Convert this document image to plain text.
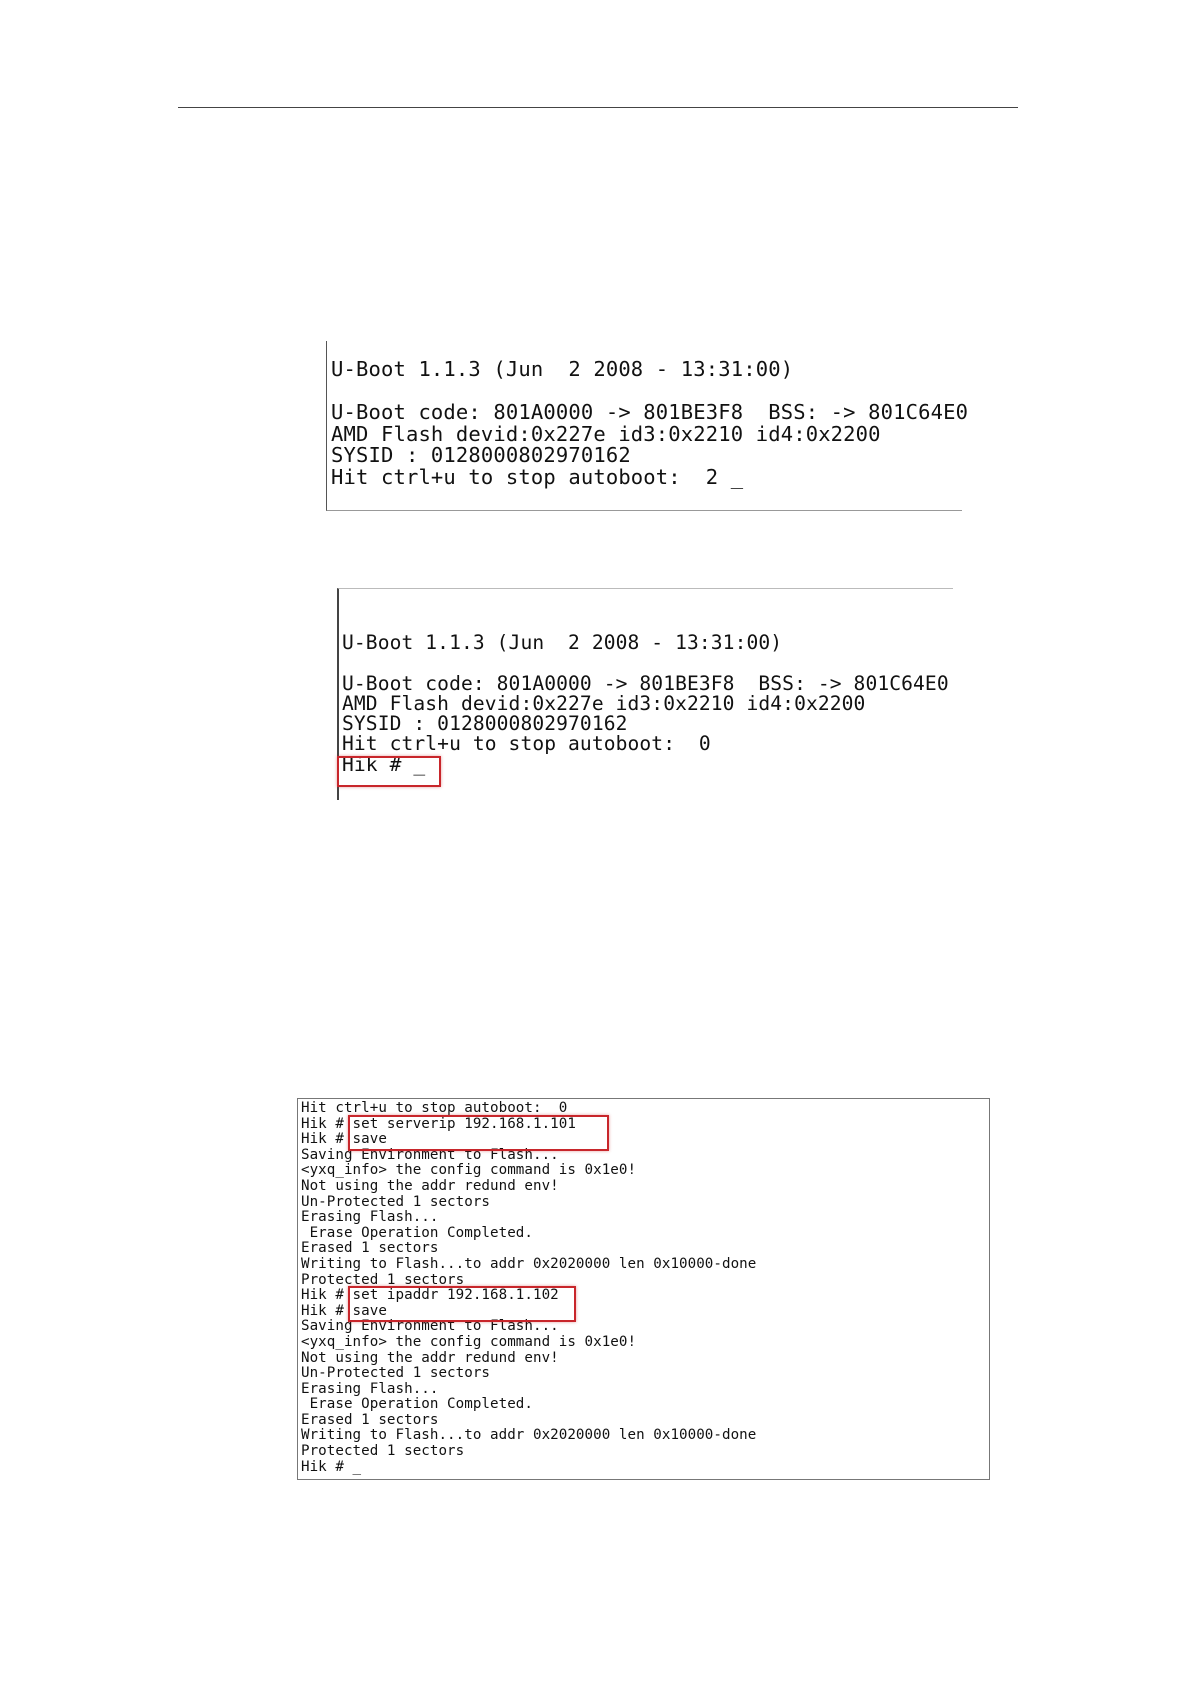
U-Boot 1.1.3 (Jun  2 2008 - 13:31:00)

U-Boot code: 801A0000 -> 801BE3F8  BSS: -> 801C64E0
AMD Flash devid:0x227e id3:0x2210 id4:0x2200
SYSID : 0128000802970162
Hit ctrl+u to stop autoboot:  2 _
U-Boot 1.1.3 (Jun  2 2008 - 13:31:00)

U-Boot code: 801A0000 -> 801BE3F8  BSS: -> 801C64E0
AMD Flash devid:0x227e id3:0x2210 id4:0x2200
SYSID : 0128000802970162
Hit ctrl+u to stop autoboot:  0
Hik # _
Hit ctrl+u to stop autoboot:  0
Hik # set serverip 192.168.1.101
Hik # save
Saving Environment to Flash...
<yxq_info> the config command is 0x1e0!
Not using the addr redund env!
Un-Protected 1 sectors
Erasing Flash...
Erase Operation Completed.
Erased 1 sectors
Writing to Flash...to addr 0x2020000 len 0x10000-done
Protected 1 sectors
Hik # set ipaddr 192.168.1.102
Hik # save
Saving Environment to Flash...
<yxq_info> the config command is 0x1e0!
Not using the addr redund env!
Un-Protected 1 sectors
Erasing Flash...
Erase Operation Completed.
Erased 1 sectors
Writing to Flash...to addr 0x2020000 len 0x10000-done
Protected 1 sectors
Hik # _
